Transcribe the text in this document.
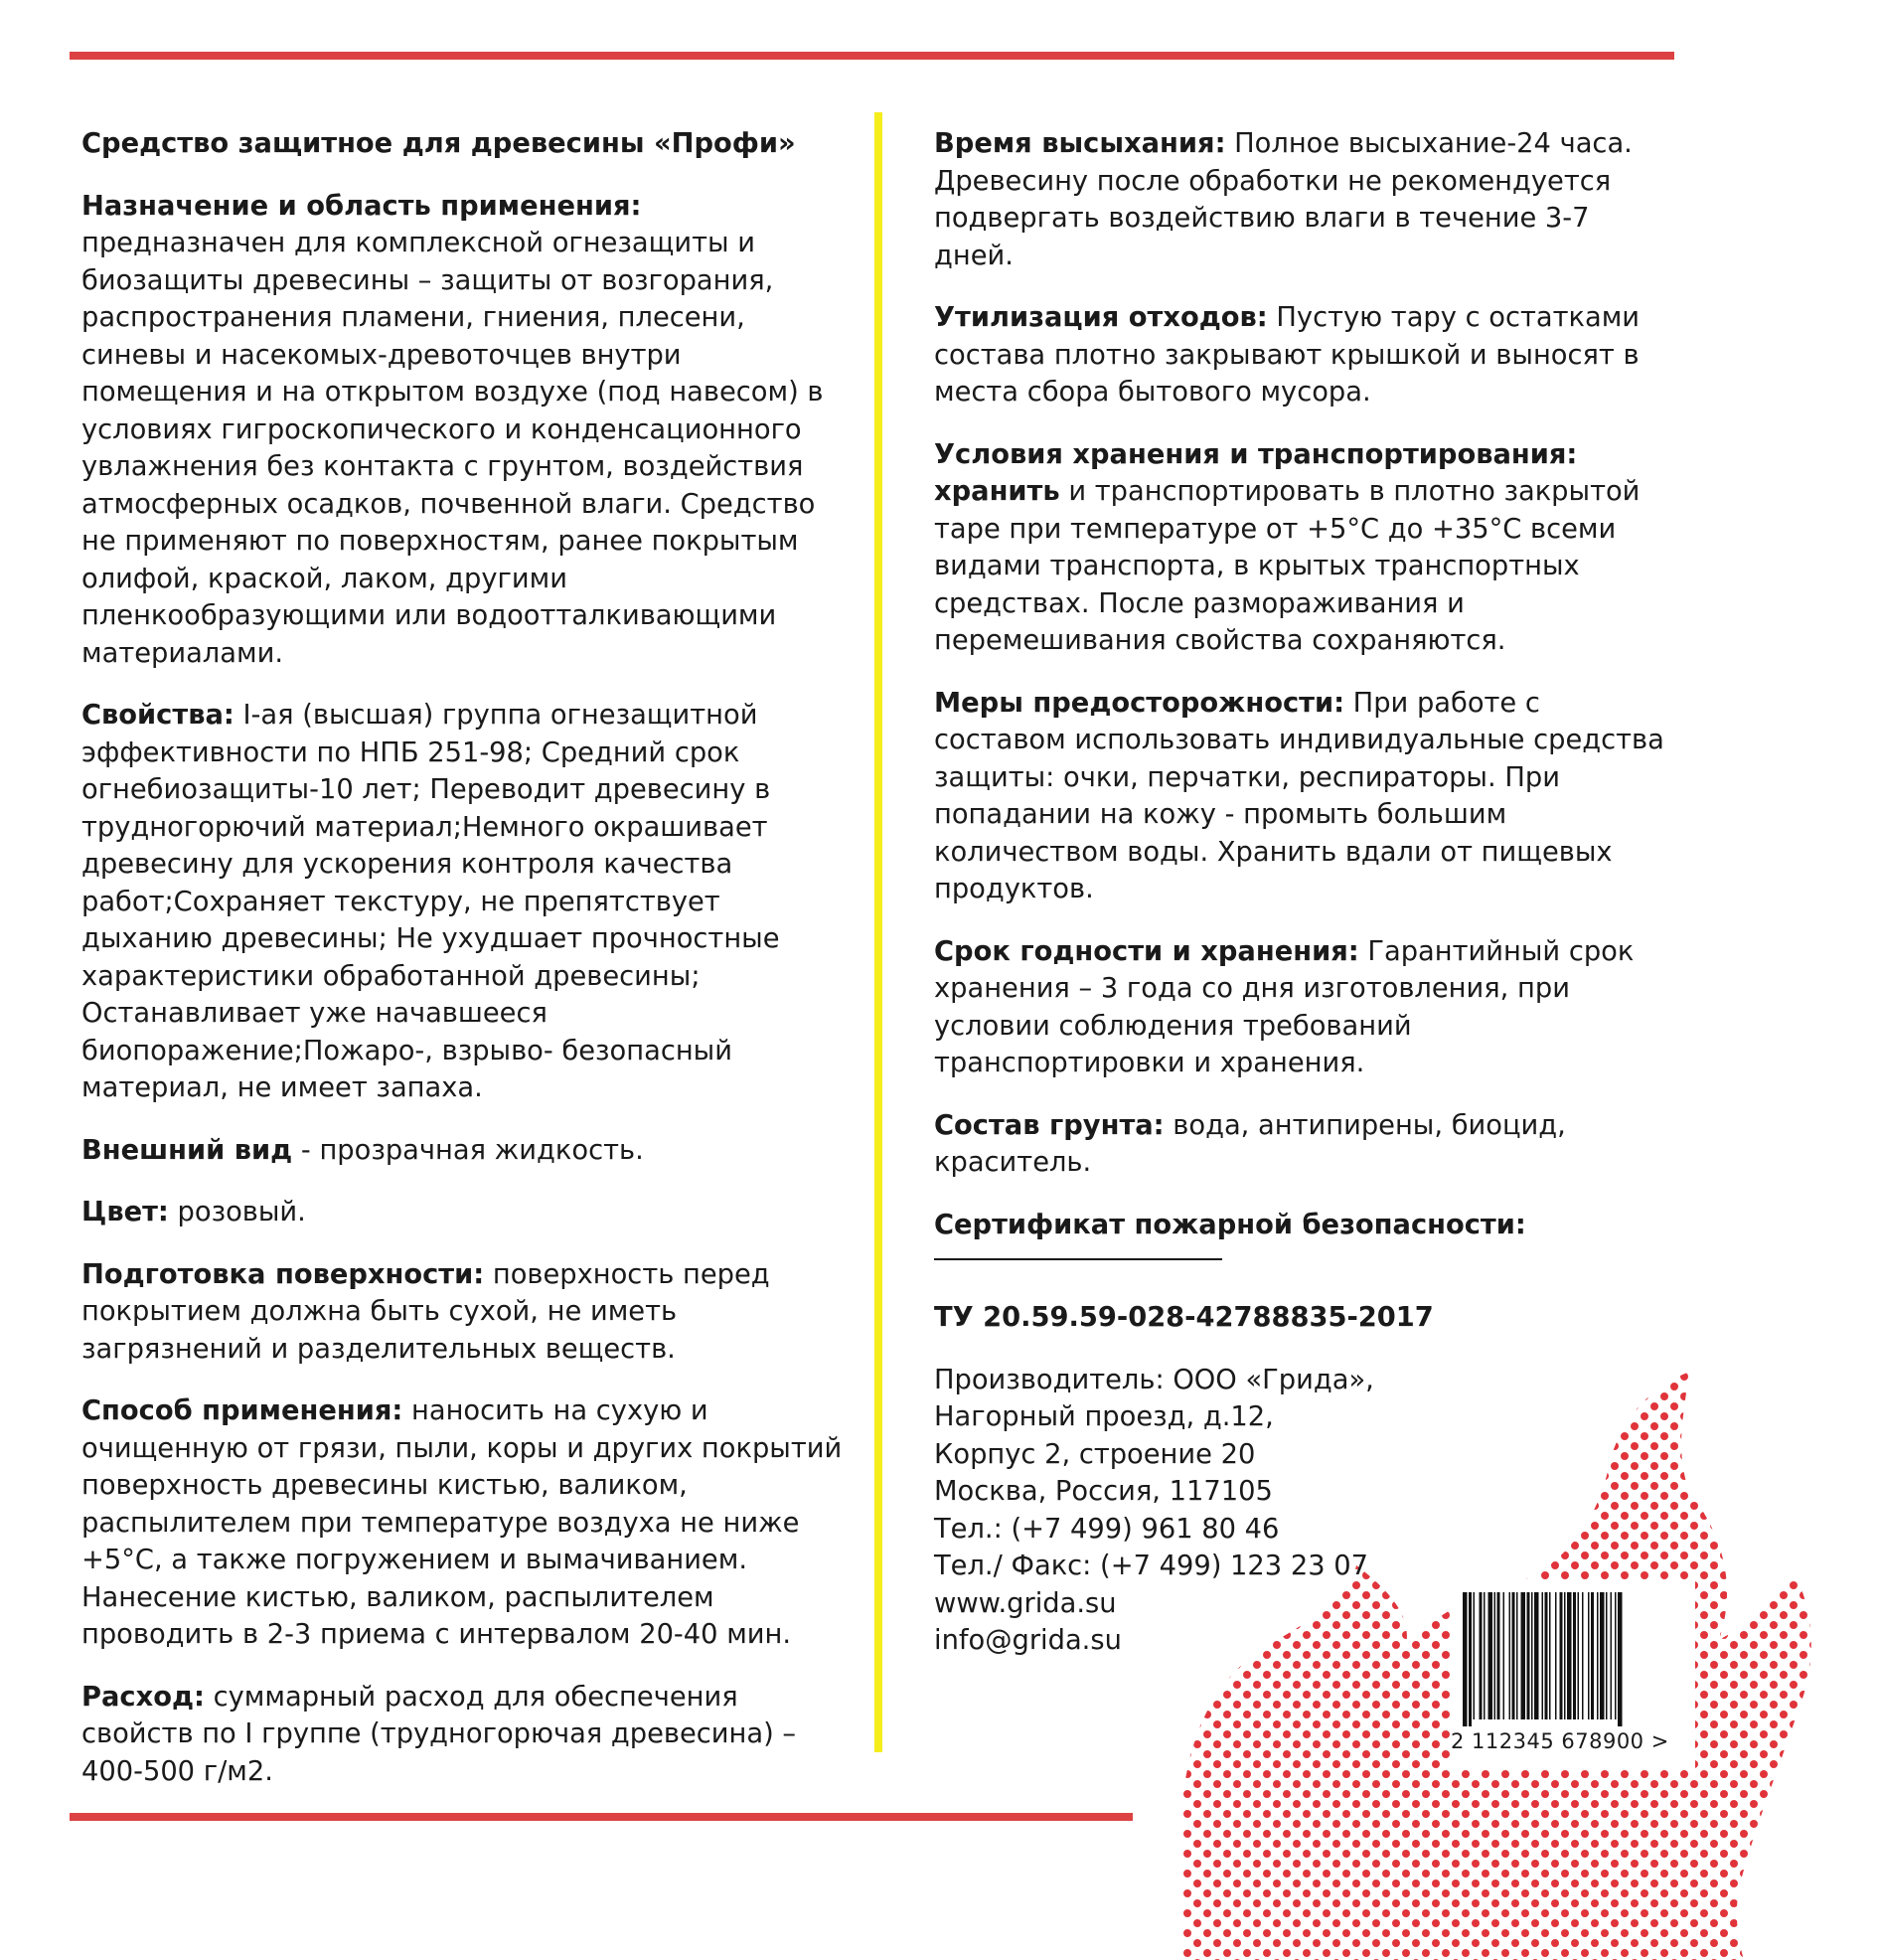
2 112345 678900 >

Средство защитное для древесины «Профи»

Назначение и область применения: предназначен для комплексной огнезащиты и биозащиты древесины – защиты от возгорания, распространения пламени, гниения, плесени, синевы и насекомых-древоточцев внутри помещения и на открытом воздухе (под навесом) в условиях гигроскопического и конденсационного увлажнения без контакта с грунтом, воздействия атмосферных осадков, почвенной влаги. Средство не применяют по поверхностям, ранее покрытым олифой, краской, лаком, другими пленкообразующими или водоотталкивающими материалами.

Свойства: I-ая (высшая) группа огнезащитной эффективности по НПБ 251-98; Средний срок огнебиозащиты-10 лет; Переводит древесину в трудногорючий материал;Немного окрашивает древесину для ускорения контроля качества работ;Сохраняет текстуру, не препятствует дыханию древесины; Не ухудшает прочностные характеристики обработанной древесины; Останавливает уже начавшееся биопоражение;Пожаро-, взрыво- безопасный материал, не имеет запаха.

Внешний вид - прозрачная жидкость.

Цвет: розовый.

Подготовка поверхности: поверхность перед покрытием должна быть сухой, не иметь загрязнений и разделительных веществ.

Способ применения: наносить на сухую и очищенную от грязи, пыли, коры и других покрытий поверхность древесины кистью, валиком, распылителем при температуре воздуха не ниже +5°С, а также погружением и вымачиванием. Нанесение кистью, валиком, распылителем проводить в 2-3 приема с интервалом 20-40 мин.

Расход: суммарный расход для обеспечения свойств по I группе (трудногорючая древесина) – 400-500 г/м2.

Время высыхания: Полное высыхание-24 часа. Древесину после обработки не рекомендуется подвергать воздействию влаги в течение 3-7 дней.

Утилизация отходов: Пустую тару с остатками состава плотно закрывают крышкой и выносят в места сбора бытового мусора.

Условия хранения и транспортирования: хранить и транспортировать в плотно закрытой таре при температуре от +5°С до +35°С всеми видами транспорта, в крытых транспортных средствах. После размораживания и перемешивания свойства сохраняются.

Меры предосторожности: При работе с составом использовать индивидуальные средства защиты: очки, перчатки, респираторы. При попадании на кожу - промыть большим количеством воды. Хранить вдали от пищевых продуктов.

Срок годности и хранения: Гарантийный срок хранения – 3 года со дня изготовления, при условии соблюдения требований транспортировки и хранения.

Состав грунта: вода, антипирены, биоцид, краситель.

Сертификат пожарной безопасности:

ТУ 20.59.59-028-42788835-2017

Производитель: ООО «Грида»,
Нагорный проезд, д.12,
Корпус 2, строение 20
Москва, Россия, 117105
Тел.: (+7 499) 961 80 46
Тел./ Факс: (+7 499) 123 23 07
www.grida.su
info@grida.su
